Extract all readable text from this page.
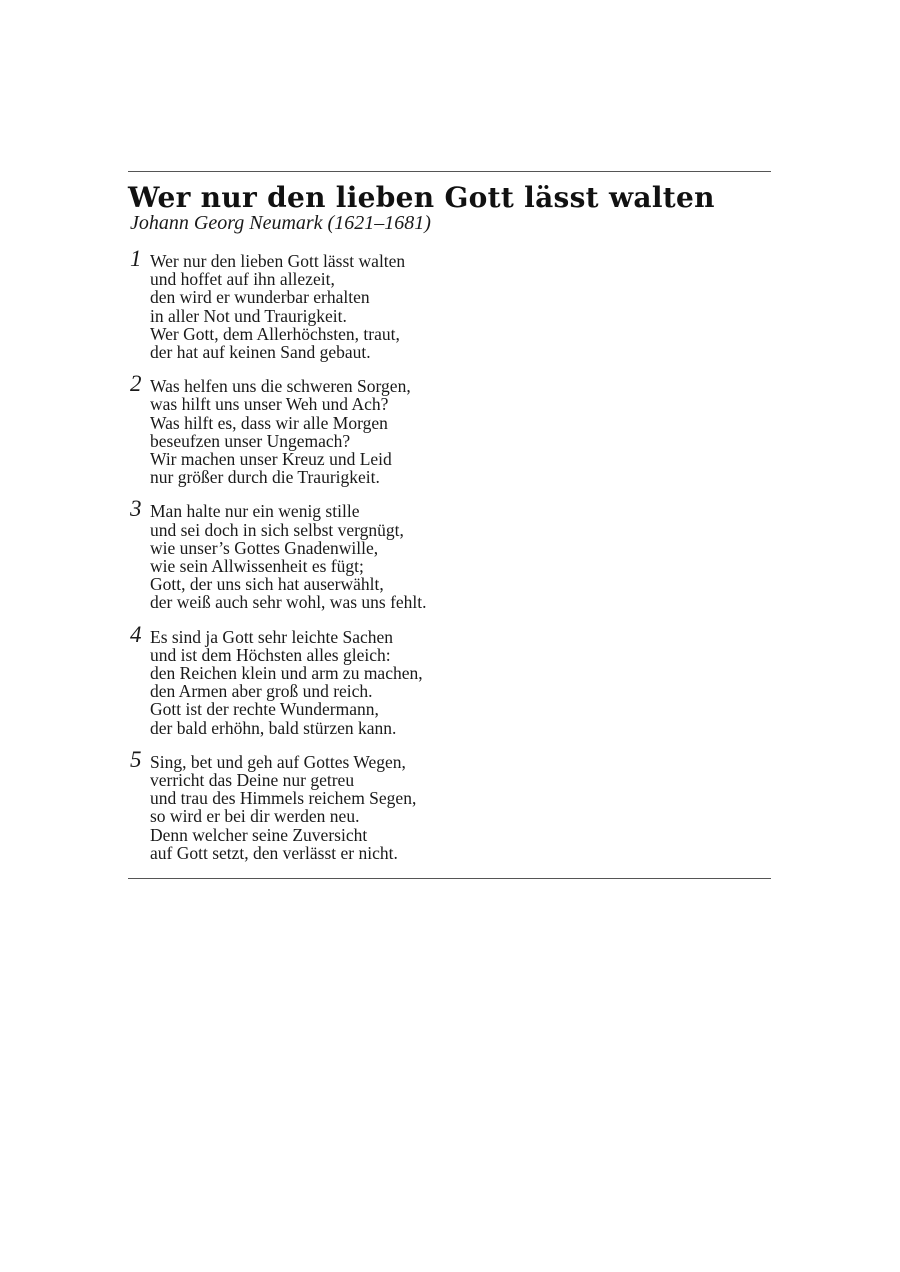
Wer nur den lieben Gott lässt walten
Johann Georg Neumark (1621–1681)
1 Wer nur den lieben Gott lässt walten
und hoffet auf ihn allezeit,
den wird er wunderbar erhalten
in aller Not und Traurigkeit.
Wer Gott, dem Allerhöchsten, traut,
der hat auf keinen Sand gebaut.
2 Was helfen uns die schweren Sorgen,
was hilft uns unser Weh und Ach?
Was hilft es, dass wir alle Morgen
beseufzen unser Ungemach?
Wir machen unser Kreuz und Leid
nur größer durch die Traurigkeit.
3 Man halte nur ein wenig stille
und sei doch in sich selbst vergnügt,
wie unser’s Gottes Gnadenwille,
wie sein Allwissenheit es fügt;
Gott, der uns sich hat auserwählt,
der weiß auch sehr wohl, was uns fehlt.
4 Es sind ja Gott sehr leichte Sachen
und ist dem Höchsten alles gleich:
den Reichen klein und arm zu machen,
den Armen aber groß und reich.
Gott ist der rechte Wundermann,
der bald erhöhn, bald stürzen kann.
5 Sing, bet und geh auf Gottes Wegen,
verricht das Deine nur getreu
und trau des Himmels reichem Segen,
so wird er bei dir werden neu.
Denn welcher seine Zuversicht
auf Gott setzt, den verlässt er nicht.
